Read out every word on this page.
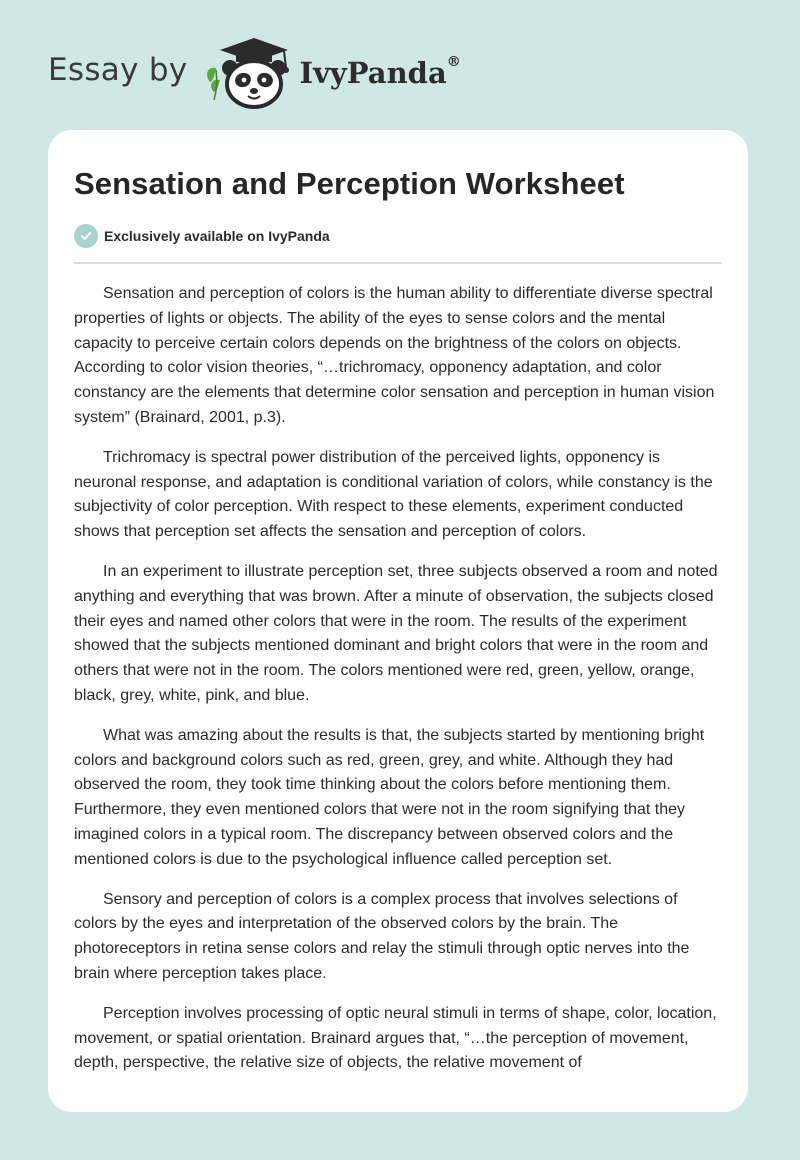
Essay by	IvyPanda®
Sensation and Perception Worksheet
Exclusively available on IvyPanda

Sensation and perception of colors is the human ability to differentiate diverse spectral properties of lights or objects. The ability of the eyes to sense colors and the mental capacity to perceive certain colors depends on the brightness of the colors on objects. According to color vision theories, “…trichromacy, opponency adaptation, and color constancy are the elements that determine color sensation and perception in human vision system” (Brainard, 2001, p.3).

Trichromacy is spectral power distribution of the perceived lights, opponency is neuronal response, and adaptation is conditional variation of colors, while constancy is the subjectivity of color perception. With respect to these elements, experiment conducted shows that perception set affects the sensation and perception of colors.

In an experiment to illustrate perception set, three subjects observed a room and noted anything and everything that was brown. After a minute of observation, the subjects closed their eyes and named other colors that were in the room. The results of the experiment showed that the subjects mentioned dominant and bright colors that were in the room and others that were not in the room. The colors mentioned were red, green, yellow, orange, black, grey, white, pink, and blue.

What was amazing about the results is that, the subjects started by mentioning bright colors and background colors such as red, green, grey, and white. Although they had observed the room, they took time thinking about the colors before mentioning them. Furthermore, they even mentioned colors that were not in the room signifying that they imagined colors in a typical room. The discrepancy between observed colors and the mentioned colors is due to the psychological influence called perception set.

Sensory and perception of colors is a complex process that involves selections of colors by the eyes and interpretation of the observed colors by the brain. The photoreceptors in retina sense colors and relay the stimuli through optic nerves into the brain where perception takes place.

Perception involves processing of optic neural stimuli in terms of shape, color, location, movement, or spatial orientation. Brainard argues that, “…the perception of movement, depth, perspective, the relative size of objects, the relative movement of
